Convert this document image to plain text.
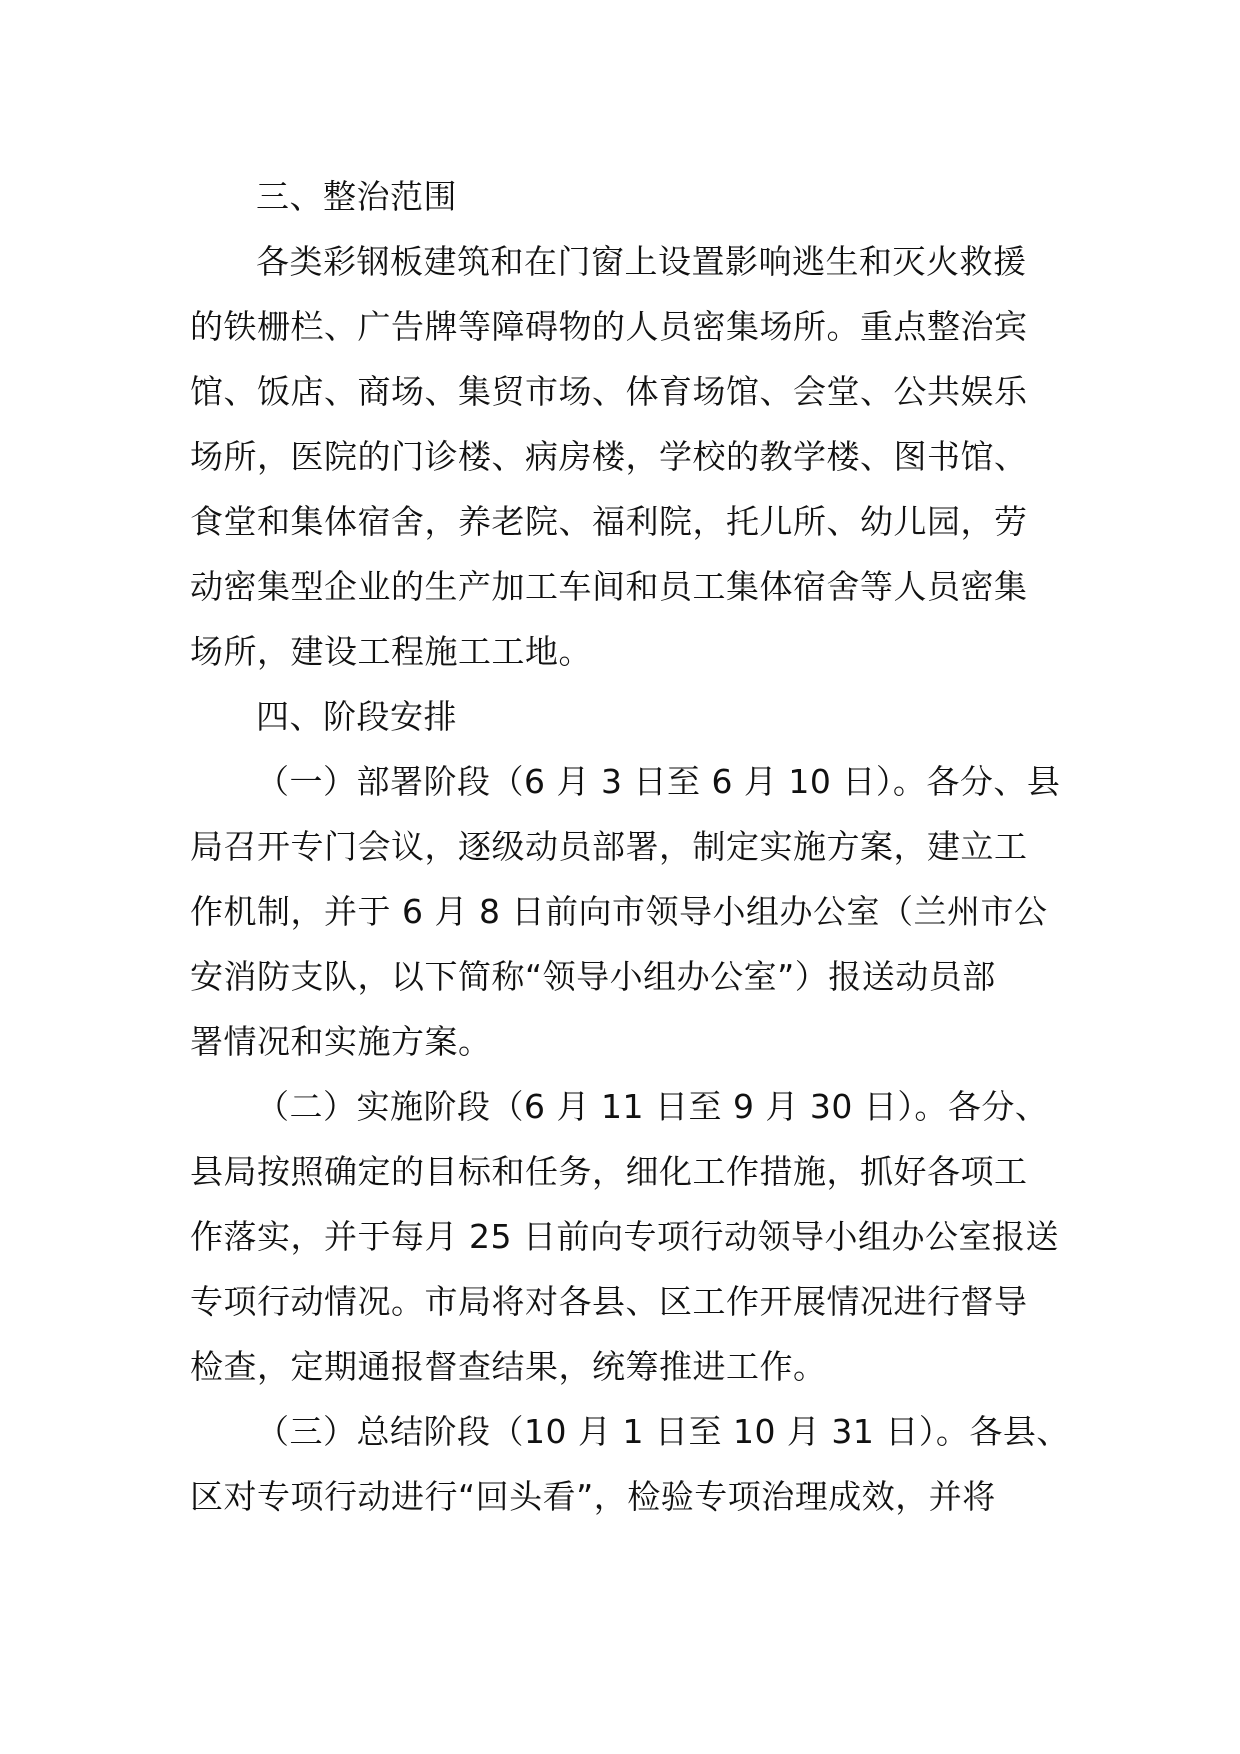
三、整治范围
各类彩钢板建筑和在门窗上设置影响逃生和灭火救援
的铁栅栏、广告牌等障碍物的人员密集场所。重点整治宾
馆、饭店、商场、集贸市场、体育场馆、会堂、公共娱乐
场所，医院的门诊楼、病房楼，学校的教学楼、图书馆、
食堂和集体宿舍，养老院、福利院，托儿所、幼儿园，劳
动密集型企业的生产加工车间和员工集体宿舍等人员密集
场所，建设工程施工工地。
四、阶段安排
（一）部署阶段（6 月 3 日至 6 月 10 日）。各分、县
局召开专门会议，逐级动员部署，制定实施方案，建立工
作机制，并于 6 月 8 日前向市领导小组办公室（兰州市公
安消防支队，以下简称“领导小组办公室”）报送动员部
署情况和实施方案。
（二）实施阶段（6 月 11 日至 9 月 30 日）。各分、
县局按照确定的目标和任务，细化工作措施，抓好各项工
作落实，并于每月 25 日前向专项行动领导小组办公室报送
专项行动情况。市局将对各县、区工作开展情况进行督导
检查，定期通报督查结果，统筹推进工作。
（三）总结阶段（10 月 1 日至 10 月 31 日）。各县、
区对专项行动进行“回头看”，检验专项治理成效，并将
